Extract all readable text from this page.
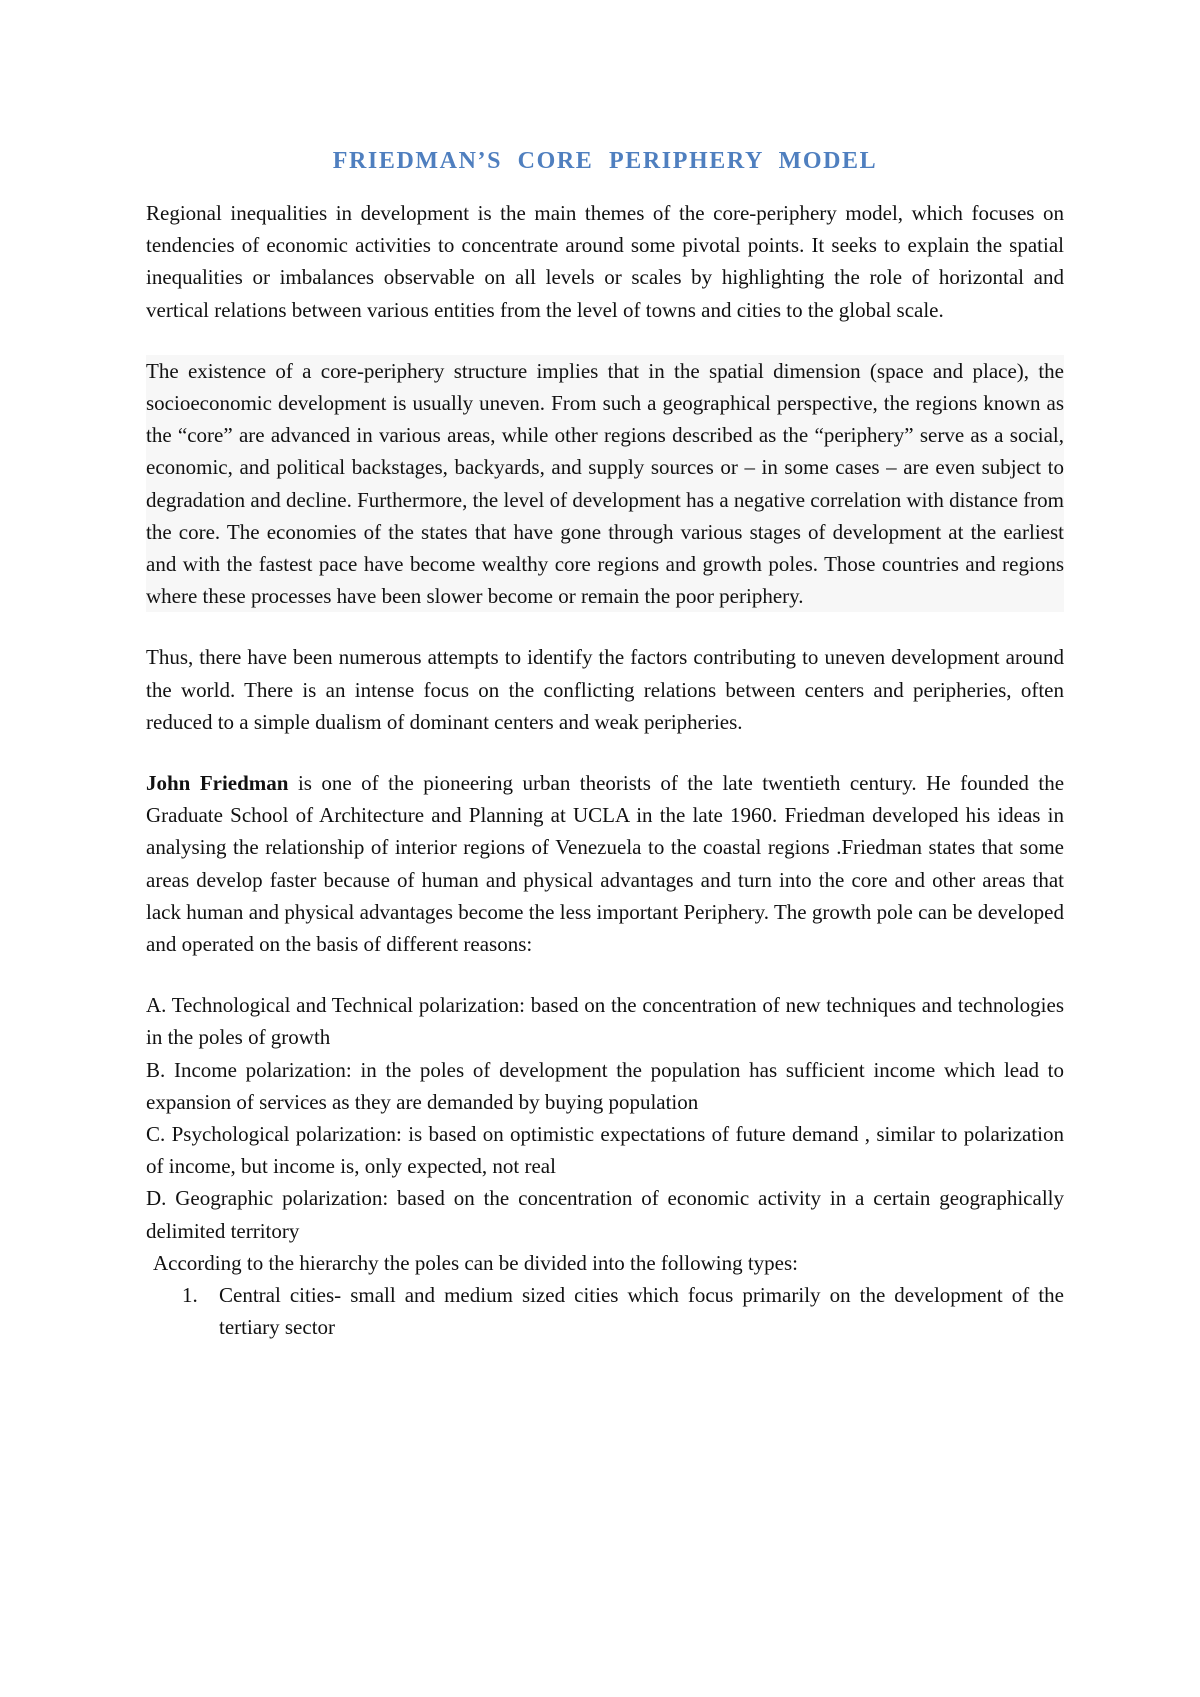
FRIEDMAN’S CORE PERIPHERY MODEL

Regional inequalities in development is the main themes of the core-periphery model, which focuses on tendencies of economic activities to concentrate around some pivotal points. It seeks to explain the spatial inequalities or imbalances observable on all levels or scales by highlighting the role of horizontal and vertical relations between various entities from the level of towns and cities to the global scale.

The existence of a core-periphery structure implies that in the spatial dimension (space and place), the socioeconomic development is usually uneven. From such a geographical perspective, the regions known as the “core” are advanced in various areas, while other regions described as the “periphery” serve as a social, economic, and political backstages, backyards, and supply sources or – in some cases – are even subject to degradation and decline. Furthermore, the level of development has a negative correlation with distance from the core. The economies of the states that have gone through various stages of development at the earliest and with the fastest pace have become wealthy core regions and growth poles. Those countries and regions where these processes have been slower become or remain the poor periphery.

Thus, there have been numerous attempts to identify the factors contributing to uneven development around the world. There is an intense focus on the conflicting relations between centers and peripheries, often reduced to a simple dualism of dominant centers and weak peripheries.

John Friedman is one of the pioneering urban theorists of the late twentieth century. He founded the Graduate School of Architecture and Planning at UCLA in the late 1960. Friedman developed his ideas in analysing the relationship of interior regions of Venezuela to the coastal regions .Friedman states that some areas develop faster because of human and physical advantages and turn into the core and other areas that lack human and physical advantages become the less important Periphery. The growth pole can be developed and operated on the basis of different reasons:

A. Technological and Technical polarization: based on the concentration of new techniques and technologies in the poles of growth

B. Income polarization: in the poles of development the population has sufficient income which lead to expansion of services as they are demanded by buying population

C. Psychological polarization: is based on optimistic expectations of future demand , similar to polarization of income, but income is, only expected, not real

D. Geographic polarization: based on the concentration of economic activity in a certain geographically delimited territory

According to the hierarchy the poles can be divided into the following types:

1. Central cities- small and medium sized cities which focus primarily on the development of the tertiary sector
